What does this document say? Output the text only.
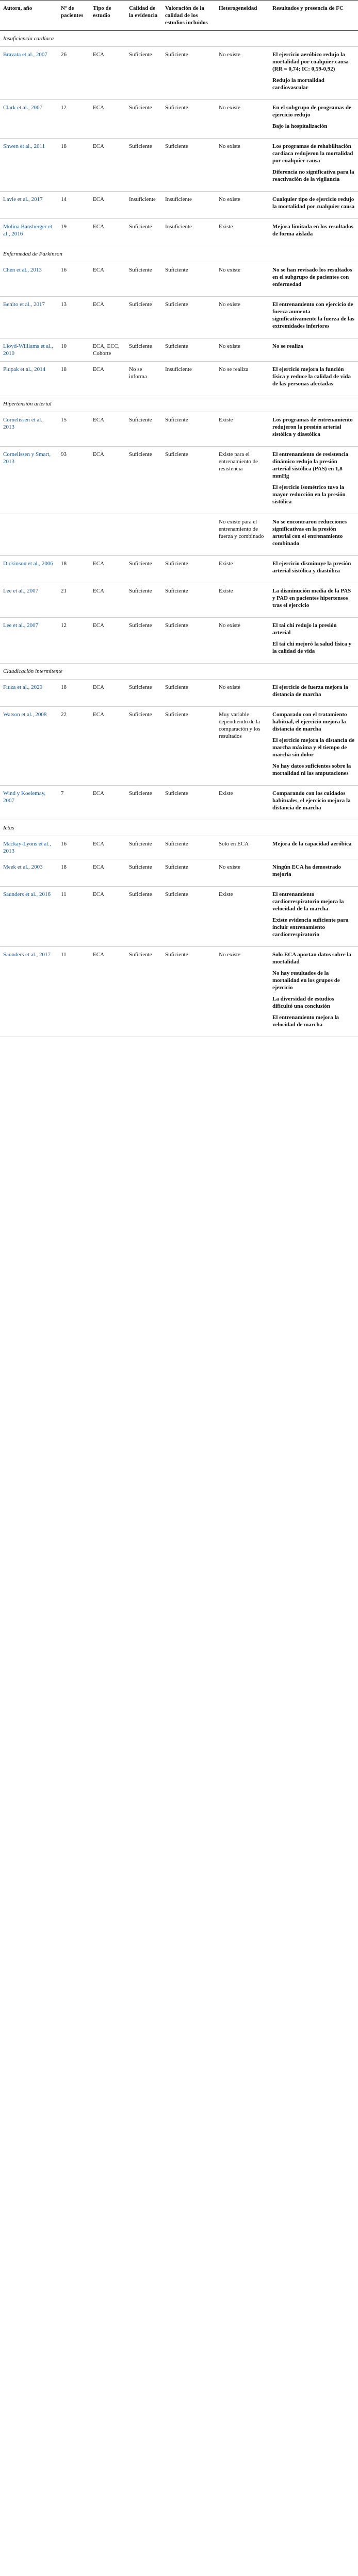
Autora, año	Nº de pacientes	Tipo de estudio	Calidad de la evidencia	Valoración de la calidad de los estudios incluidos	Heterogeneidad	Resultados y presencia de FC
Insuficiencia cardíaca						
Bravata et al., 2007	26	ECA	Suficiente	Suficiente	No existe	El ejercicio aeróbico redujo la mortalidad por cualquier causa (RR = 0,74; IC: 0,59-0,92)

Redujo la mortalidad cardiovascular

Clark et al., 2007	12	ECA	Suficiente	Suficiente	No existe	En el subgrupo de programas de ejercicio redujo

Bajo la hospitalización

Shwen et al., 2011	18	ECA	Suficiente	Suficiente	No existe	Los programas de rehabilitación cardiaca redujeron la mortalidad por cualquier causa

Diferencia no significativa para la reactivación de la vigilancia

Lavie et al., 2017	14	ECA	Insuficiente	Insuficiente	No existe	Cualquier tipo de ejercicio redujo la mortalidad por cualquier causa

Molina Bansberger et al., 2016	19	ECA	Suficiente	Insuficiente	Existe	Mejora limitada en los resultados de forma aislada

Enfermedad de Parkinson						
Chen et al., 2013	16	ECA	Suficiente	Suficiente	No existe	No se han revisado los resultados en el subgrupo de pacientes con enfermedad

Benito et al., 2017	13	ECA	Suficiente	Suficiente	No existe	El entrenamiento con ejercicio de fuerza aumenta significativamente la fuerza de las extremidades inferiores

Lloyd-Williams et al., 2010	10	ECA, ECC, Cohorte	Suficiente	Suficiente	No existe	No se realiza

Plupak et al., 2014	18	ECA	No se informa	Insuficiente	No se realiza	El ejercicio mejora la función física y reduce la calidad de vida de las personas afectadas

Hipertensión arterial						
Cornelissen et al., 2013	15	ECA	Suficiente	Suficiente	Existe	Los programas de entrenamiento redujeron la presión arterial sistólica y diastólica

Cornelissen y Smart, 2013	93	ECA	Suficiente	Suficiente	Existe para el entrenamiento de resistencia	El entrenamiento de resistencia dinámico redujo la presión arterial sistólica (PAS) en 1,8 mmHg

El ejercicio isométrico tuvo la mayor reducción en la presión sistólica

					No existe para el entrenamiento de fuerza y combinado	No se encontraron reducciones significativas en la presión arterial con el entrenamiento combinado

Dickinson et al., 2006	18	ECA	Suficiente	Suficiente	Existe	El ejercicio disminuye la presión arterial sistólica y diastólica

Lee et al., 2007	21	ECA	Suficiente	Suficiente	Existe	La disminución media de la PAS y PAD en pacientes hipertensos tras el ejercicio

Lee et al., 2007	12	ECA	Suficiente	Suficiente	No existe	El tai chi redujo la presión arterial

El tai chi mejoró la salud física y la calidad de vida

Claudicación intermitente						
Fiuza et al., 2020	18	ECA	Suficiente	Suficiente	No existe	El ejercicio de fuerza mejora la distancia de marcha

Watson et al., 2008	22	ECA	Suficiente	Suficiente	Muy variable dependiendo de la comparación y los resultados	Comparado con el tratamiento habitual, el ejercicio mejora la distancia de marcha

El ejercicio mejora la distancia de marcha máxima y el tiempo de marcha sin dolor

No hay datos suficientes sobre la mortalidad ni las amputaciones

Wind y Koelemay, 2007	7	ECA	Suficiente	Suficiente	Existe	Comparando con los cuidados habituales, el ejercicio mejora la distancia de marcha

Ictus						
Mackay-Lyons et al., 2013	16	ECA	Suficiente	Suficiente	Solo en ECA	Mejora de la capacidad aeróbica

Meek et al., 2003	18	ECA	Suficiente	Suficiente	No existe	Ningún ECA ha demostrado mejoría

Saunders et al., 2016	11	ECA	Suficiente	Suficiente	Existe	El entrenamiento cardiorrespiratorio mejora la velocidad de la marcha

Existe evidencia suficiente para incluir entrenamiento cardiorrespiratorio

Saunders et al., 2017	11	ECA	Suficiente	Suficiente	No existe	Solo ECA aportan datos sobre la mortalidad

No hay resultados de la mortalidad en los grupos de ejercicio

La diversidad de estudios dificultó una conclusión

El entrenamiento mejora la velocidad de marcha
